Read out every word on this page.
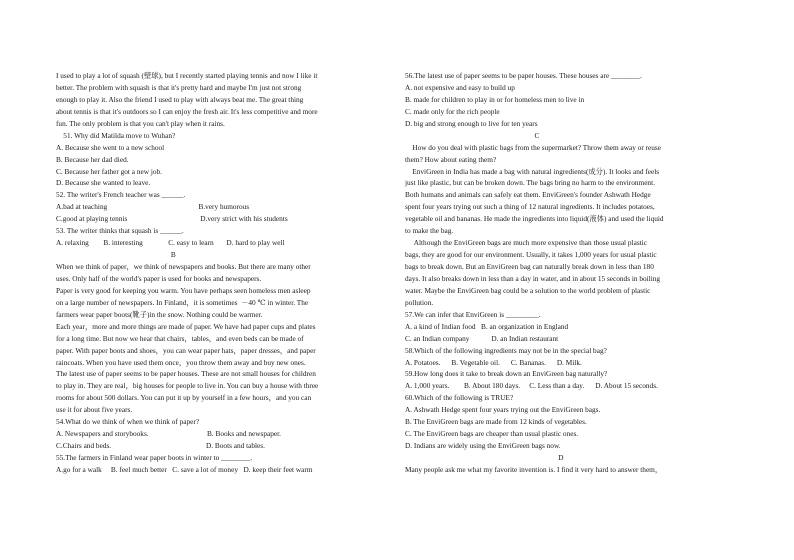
I used to play a lot of squash (壁球), but I recently started playing tennis and now I like it
better. The problem with squash is that it's pretty hard and maybe I'm just not strong
enough to play it. Also the friend I used to play with always beat me. The great thing
about tennis is that it's outdoors so I can enjoy the fresh air. It's less competitive and more
fun. The only problem is that you can't play when it rains.
51. Why did Matilda move to Wuhan?
A. Because she went to a new school
B. Because her dad died.
C. Because her father got a new job.
D. Because she wanted to leave.
52. The writer's French teacher was ______.
A.bad at teaching                                                  B.very humorous
C.good at playing tennis                                        D.very strict with his students
53. The writer thinks that squash is ______.
A. relaxing        B. interesting              C. easy to learn       D. hard to play well
B
When we think of paper，we think of newspapers and books. But there are many other
uses. Only half of the world's paper is used for books and newspapers.
Paper is very good for keeping you warm. You have perhaps seen homeless men asleep
on a large number of newspapers. In Finland，it is sometimes  －40 ℃ in winter. The
farmers wear paper boots(靴子)in the snow. Nothing could be warmer.
Each year，more and more things are made of paper. We have had paper cups and plates
for a long time. But now we hear that chairs，tables，and even beds can be made of
paper. With paper boots and shoes，you can wear paper hats，paper dresses，and paper
raincoats. When you have used them once，you throw them away and buy new ones.
The latest use of paper seems to be paper houses. These are not small houses for children
to play in. They are real，big houses for people to live in. You can buy a house with three
rooms for about 500 dollars. You can put it up by yourself in a few hours，and you can
use it for about five years.
54.What do we think of when we think of paper?
A. Newspapers and storybooks.                                B. Books and newspaper.
C.Chairs and beds.                                                    D. Boots and tables.
55.The farmers in Finland wear paper boots in winter to ________.
A.go for a walk     B. feel much better   C. save a lot of money   D. keep their feet warm
56.The latest use of paper seems to be paper houses. These houses are ________.
A. not expensive and easy to build up
B. made for children to play in or for homeless men to live in
C. made only for the rich people
D. big and strong enough to live for ten years
C
How do you deal with plastic bags from the supermarket? Throw them away or reuse
them? How about eating them?
EnviGreen in India has made a bag with natural ingredients(成分). It looks and feels
just like plastic, but can be broken down. The bags bring no harm to the environment.
Both humans and animals can safely eat them. EnviGreen's founder Ashwath Hedge
spent four years trying out such a thing of 12 natural ingredients. It includes potatoes,
vegetable oil and bananas. He made the ingredients into liquid(液体) and used the liquid
to make the bag.
Although the EnviGreen bags are much more expensive than those usual plastic
bags, they are good for our environment. Usually, it takes 1,000 years for usual plastic
bags to break down. But an EnviGreen bag can naturally break down in less than 180
days. It also breaks down in less than a day in water, and in about 15 seconds in boiling
water. Maybe the EnviGreen bag could be a solution to the world problem of plastic
pollution.
57.We can infer that EnviGreen is _________.
A. a kind of Indian food   B. an organization in England
C. an Indian company            D. an Indian restaurant
58.Which of the following ingredients may not be in the special bag?
A. Potatoes.      B. Vegetable oil.      C. Bananas.      D. Milk.
59.How long does it take to break down an EnviGreen bag naturally?
A. 1,000 years.        B. About 180 days.     C. Less than a day.      D. About 15 seconds.
60.Which of the following is TRUE?
A. Ashwath Hedge spent four years trying out the EnviGreen bags.
B. The EnviGreen bags are made from 12 kinds of vegetables.
C. The EnviGreen bags are cheaper than usual plastic ones.
D. Indians are widely using the EnviGreen bags now.
D
Many people ask me what my favorite invention is. I find it very hard to answer them，
